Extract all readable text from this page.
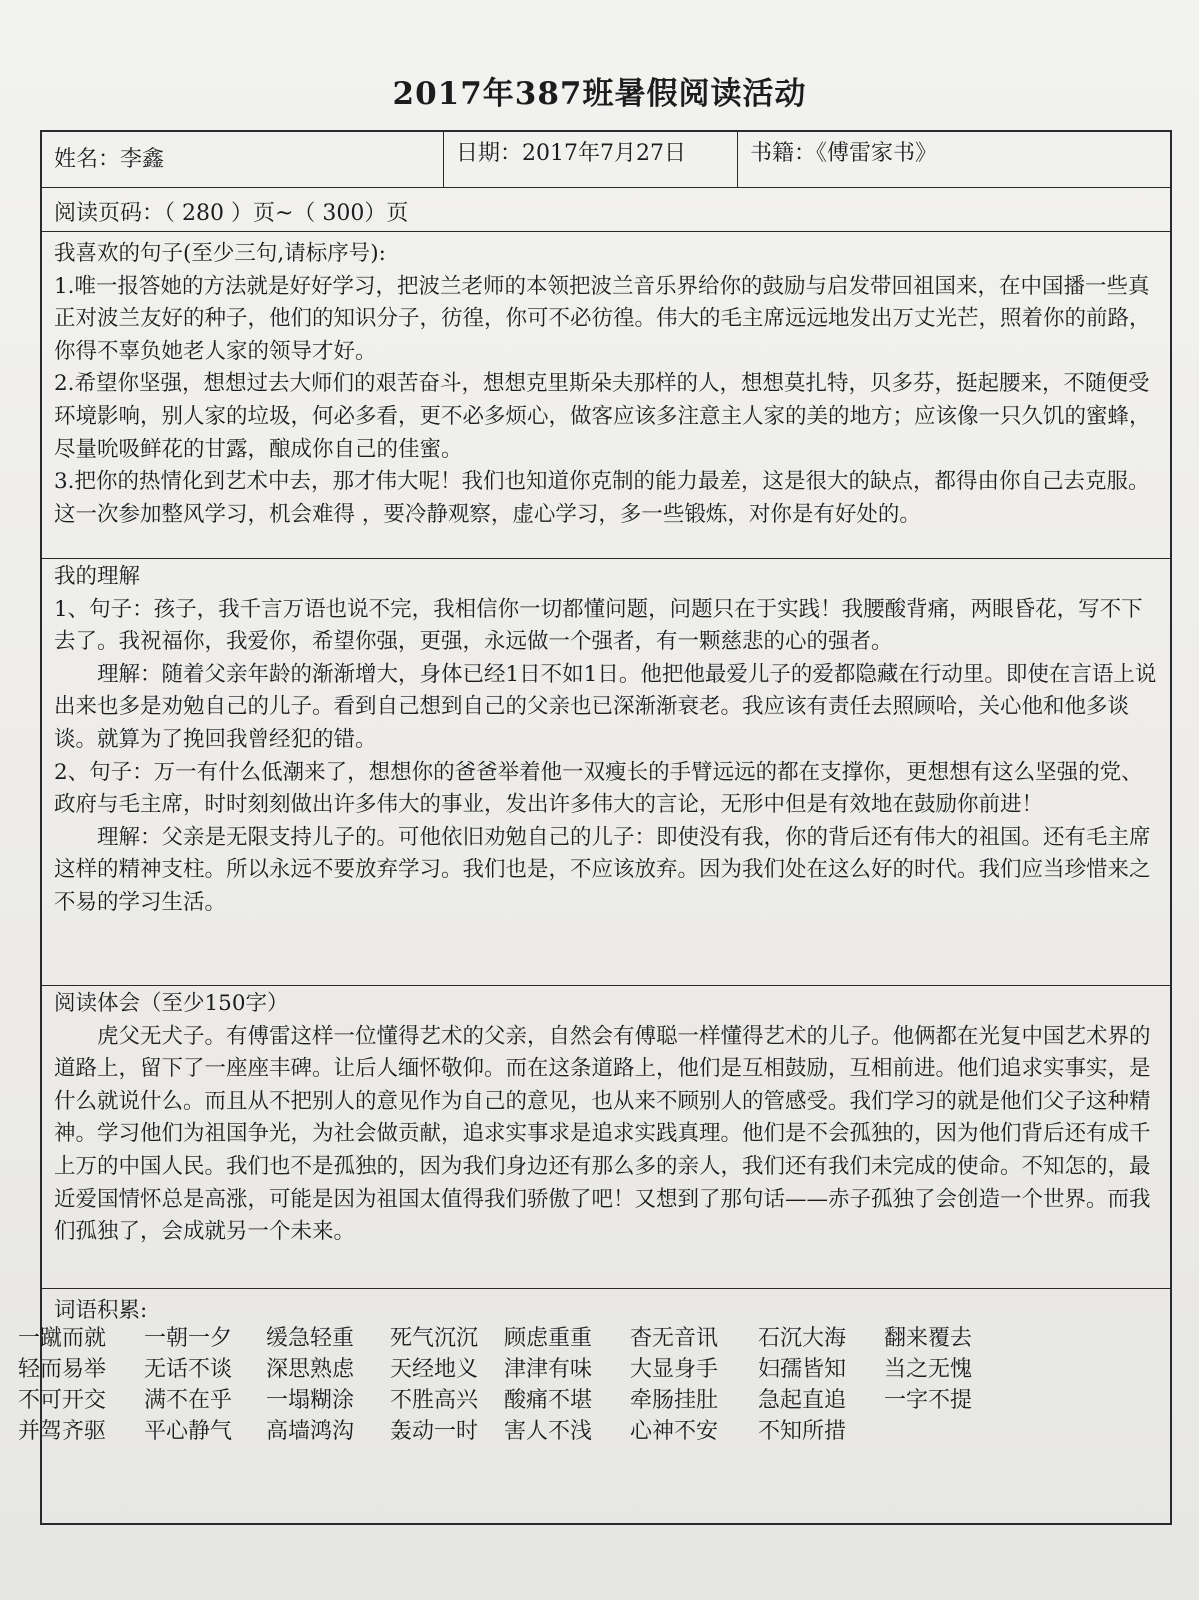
2017年387班暑假阅读活动
姓名：李鑫	日期：2017年7月27日	书籍：《傅雷家书》
阅读页码：（ 280 ）页~（ 300）页

我喜欢的句子(至少三句,请标序号):

1.唯一报答她的方法就是好好学习，把波兰老师的本领把波兰音乐界给你的鼓励与启发带回祖国来，在中国播一些真正对波兰友好的种子，他们的知识分子，彷徨，你可不必彷徨。伟大的毛主席远远地发出万丈光芒，照着你的前路，你得不辜负她老人家的领导才好。

2.希望你坚强，想想过去大师们的艰苦奋斗，想想克里斯朵夫那样的人，想想莫扎特，贝多芬，挺起腰来，不随便受环境影响，别人家的垃圾，何必多看，更不必多烦心，做客应该多注意主人家的美的地方；应该像一只久饥的蜜蜂，尽量吮吸鲜花的甘露，酿成你自己的佳蜜。

3.把你的热情化到艺术中去，那才伟大呢！我们也知道你克制的能力最差，这是很大的缺点，都得由你自己去克服。这一次参加整风学习，机会难得 ，要冷静观察，虚心学习，多一些锻炼，对你是有好处的。

我的理解

1、句子：孩子，我千言万语也说不完，我相信你一切都懂问题，问题只在于实践！我腰酸背痛，两眼昏花，写不下去了。我祝福你，我爱你，希望你强，更强，永远做一个强者，有一颗慈悲的心的强者。

理解：随着父亲年龄的渐渐增大，身体已经1日不如1日。他把他最爱儿子的爱都隐藏在行动里。即使在言语上说出来也多是劝勉自己的儿子。看到自己想到自己的父亲也已深渐渐衰老。我应该有责任去照顾哈，关心他和他多谈谈。就算为了挽回我曾经犯的错。

2、句子：万一有什么低潮来了，想想你的爸爸举着他一双瘦长的手臂远远的都在支撑你，更想想有这么坚强的党、政府与毛主席，时时刻刻做出许多伟大的事业，发出许多伟大的言论，无形中但是有效地在鼓励你前进！

理解：父亲是无限支持儿子的。可他依旧劝勉自己的儿子：即使没有我，你的背后还有伟大的祖国。还有毛主席这样的精神支柱。所以永远不要放弃学习。我们也是，不应该放弃。因为我们处在这么好的时代。我们应当珍惜来之不易的学习生活。

阅读体会（至少150字）

虎父无犬子。有傅雷这样一位懂得艺术的父亲，自然会有傅聪一样懂得艺术的儿子。他俩都在光复中国艺术界的道路上，留下了一座座丰碑。让后人缅怀敬仰。而在这条道路上，他们是互相鼓励，互相前进。他们追求实事实，是什么就说什么。而且从不把别人的意见作为自己的意见，也从来不顾别人的管感受。我们学习的就是他们父子这种精神。学习他们为祖国争光，为社会做贡献，追求实事求是追求实践真理。他们是不会孤独的，因为他们背后还有成千上万的中国人民。我们也不是孤独的，因为我们身边还有那么多的亲人，我们还有我们未完成的使命。不知怎的，最近爱国情怀总是高涨，可能是因为祖国太值得我们骄傲了吧！又想到了那句话——赤子孤独了会创造一个世界。而我们孤独了，会成就另一个未来。

词语积累:

一蹴而就	一朝一夕	缓急轻重	死气沉沉	顾虑重重	杳无音讯	石沉大海	翻来覆去
轻而易举	无话不谈	深思熟虑	天经地义	津津有味	大显身手	妇孺皆知	当之无愧
不可开交	满不在乎	一塌糊涂	不胜高兴	酸痛不堪	牵肠挂肚	急起直追	一字不提
并驾齐驱	平心静气	高墙鸿沟	轰动一时	害人不浅	心神不安	不知所措
